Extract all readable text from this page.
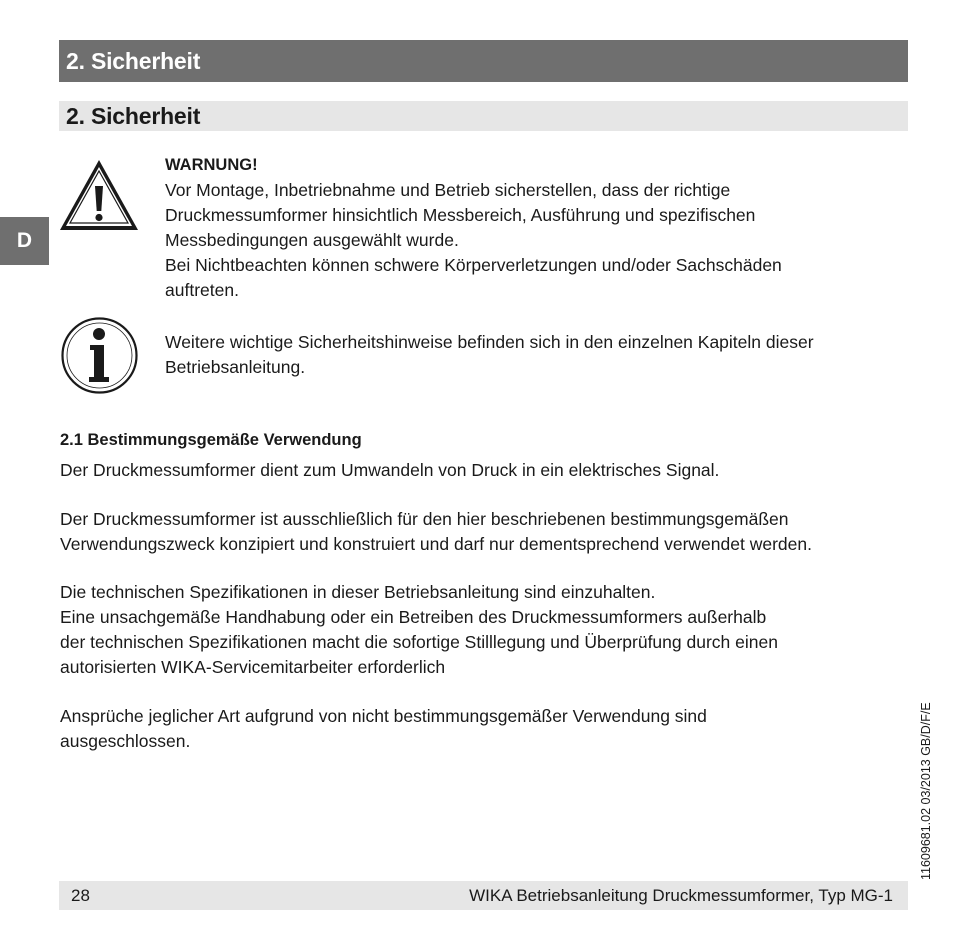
2. Sicherheit
2. Sicherheit
D
WARNUNG!
Vor Montage, Inbetriebnahme und Betrieb sicherstellen, dass der richtige
Druckmessumformer hinsichtlich Messbereich, Ausführung und spezifischen
Messbedingungen ausgewählt wurde.
Bei Nichtbeachten können schwere Körperverletzungen und/oder Sachschäden
auftreten.
Weitere wichtige Sicherheitshinweise befinden sich in den einzelnen Kapiteln dieser
Betriebsanleitung.
2.1 Bestimmungsgemäße Verwendung
Der Druckmessumformer dient zum Umwandeln von Druck in ein elektrisches Signal.
Der Druckmessumformer ist ausschließlich für den hier beschriebenen bestimmungsgemäßen
Verwendungszweck konzipiert und konstruiert und darf nur dementsprechend verwendet werden.
Die technischen Spezifikationen in dieser Betriebsanleitung sind einzuhalten.
Eine unsachgemäße Handhabung oder ein Betreiben des Druckmessumformers außerhalb
der technischen Spezifikationen macht die sofortige Stilllegung und Überprüfung durch einen
autorisierten WIKA-Servicemitarbeiter erforderlich
Ansprüche jeglicher Art aufgrund von nicht bestimmungsgemäßer Verwendung sind
ausgeschlossen.
28	WIKA Betriebsanleitung Druckmessumformer, Typ MG-1
11609681.02 03/2013 GB/D/F/E
